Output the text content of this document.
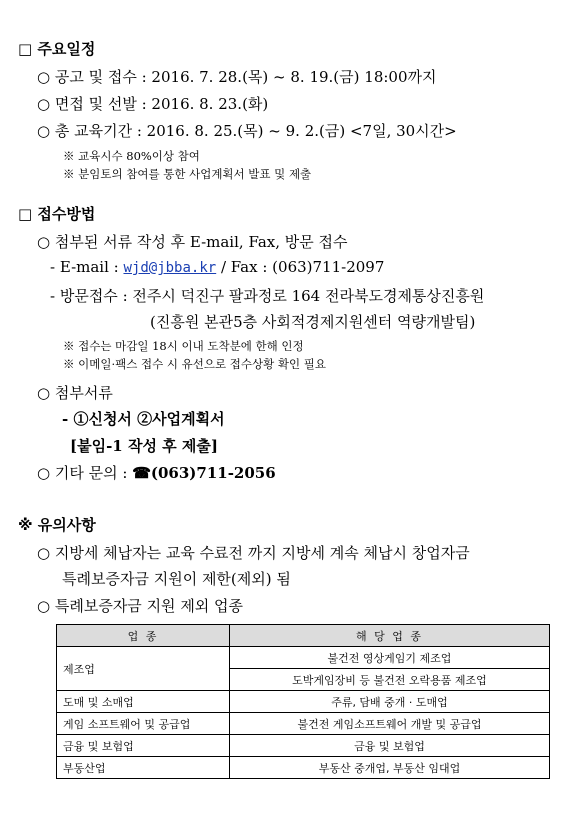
□ 주요일정
○ 공고 및 접수 : 2016. 7. 28.(목) ~ 8. 19.(금) 18:00까지
○ 면접 및 선발 : 2016. 8. 23.(화)
○ 총 교육기간 : 2016. 8. 25.(목) ~ 9. 2.(금) <7일, 30시간>
※ 교육시수 80%이상 참여
※ 분임토의 참여를 통한 사업계획서 발표 및 제출
□ 접수방법
○ 첨부된 서류 작성 후 E-mail, Fax, 방문 접수
- E-mail : wjd@jbba.kr / Fax : (063)711-2097
- 방문접수 : 전주시 덕진구 팔과정로 164 전라북도경제통상진흥원
(진흥원 본관5층 사회적경제지원센터 역량개발팀)
※ 접수는 마감일 18시 이내 도착분에 한해 인정
※ 이메일·팩스 접수 시 유선으로 접수상황 확인 필요
○ 첨부서류
- ①신청서 ②사업계획서
[붙임-1 작성 후 제출]
○ 기타 문의 : ☎(063)711-2056
※ 유의사항
○ 지방세 체납자는 교육 수료전 까지 지방세 계속 체납시 창업자금
특례보증자금 지원이 제한(제외) 됨
○ 특례보증자금 지원 제외 업종
업 종	해 당 업 종
제조업	불건전 영상게임기 제조업
	도박게임장비 등 불건전 오락용품 제조업
도매 및 소매업	주류, 담배 중개 · 도매업
게임 소프트웨어 및 공급업	불건전 게임소프트웨어 개발 및 공급업
금융 및 보험업	금융 및 보험업
부동산업	부동산 중개업, 부동산 임대업
